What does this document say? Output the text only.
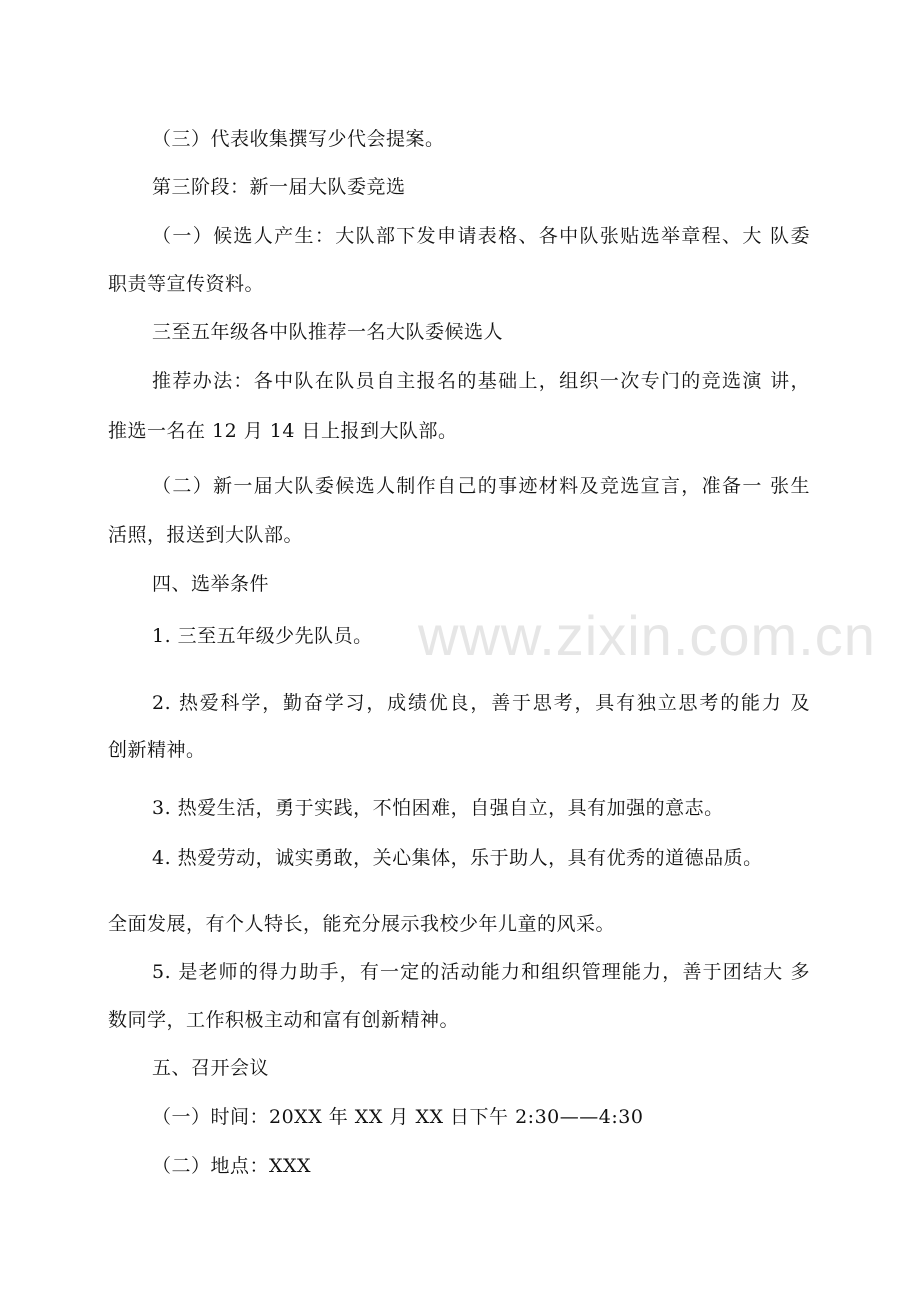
www.zixin.com.cn
（三）代表收集撰写少代会提案。
第三阶段：新一届大队委竞选
（一）候选人产生：大队部下发申请表格、各中队张贴选举章程、大 队委
职责等宣传资料。
三至五年级各中队推荐一名大队委候选人
推荐办法：各中队在队员自主报名的基础上，组织一次专门的竞选演 讲，
推选一名在 12 月 14 日上报到大队部。
（二）新一届大队委候选人制作自己的事迹材料及竞选宣言，准备一 张生
活照，报送到大队部。
四、选举条件
1. 三至五年级少先队员。
2. 热爱科学，勤奋学习，成绩优良，善于思考，具有独立思考的能力 及
创新精神。
3. 热爱生活，勇于实践，不怕困难，自强自立，具有加强的意志。
4. 热爱劳动，诚实勇敢，关心集体，乐于助人，具有优秀的道德品质。
全面发展，有个人特长，能充分展示我校少年儿童的风采。
5. 是老师的得力助手，有一定的活动能力和组织管理能力，善于团结大 多
数同学，工作积极主动和富有创新精神。
五、召开会议
（一）时间：20XX 年 XX 月 XX 日下午 2:30——4:30
（二）地点：XXX
